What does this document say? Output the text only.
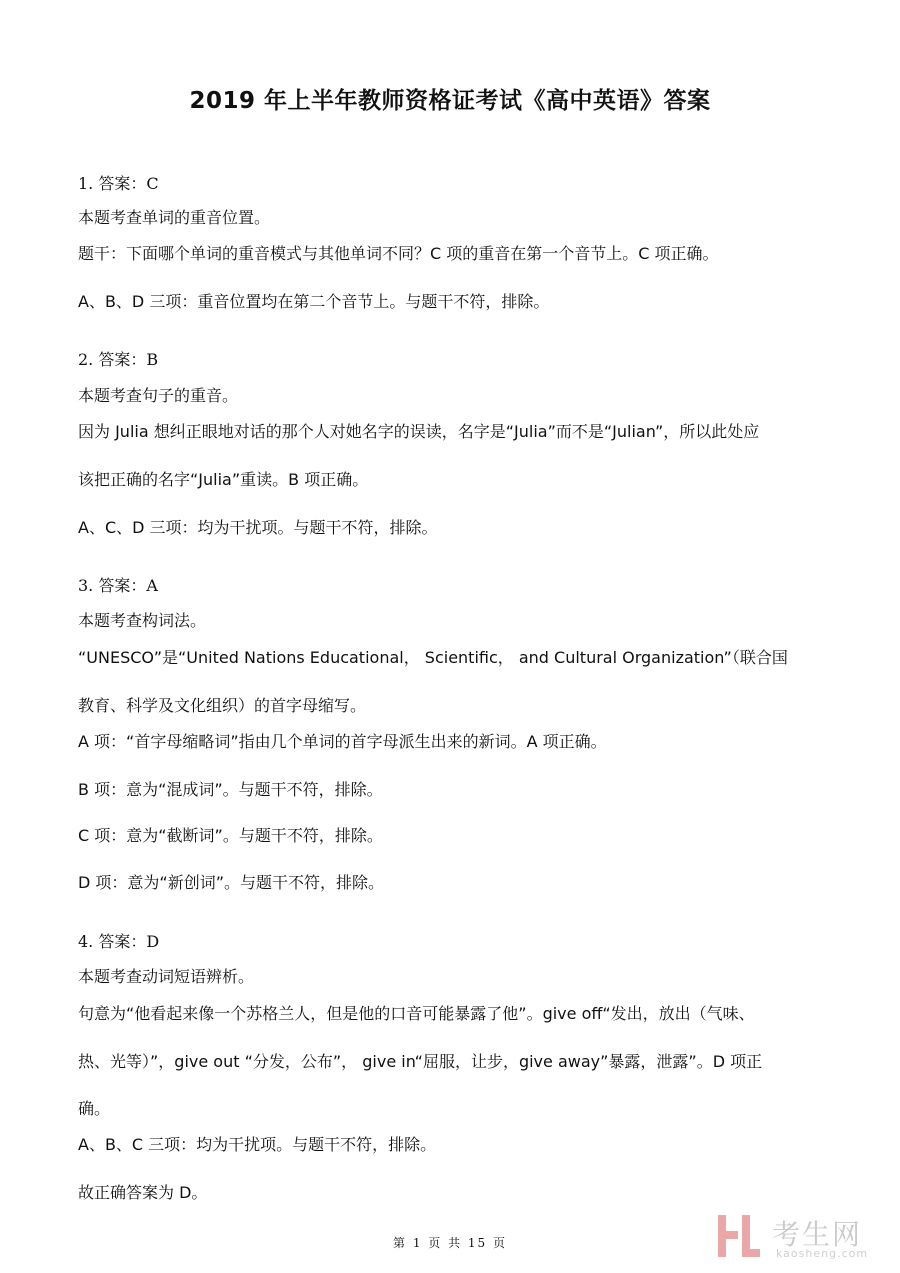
2019 年上半年教师资格证考试《高中英语》答案
1. 答案：C
本题考查单词的重音位置。
题干：下面哪个单词的重音模式与其他单词不同？C 项的重音在第一个音节上。C 项正确。
A、B、D 三项：重音位置均在第二个音节上。与题干不符，排除。
2. 答案：B
本题考查句子的重音。
因为 Julia 想纠正眼地对话的那个人对她名字的误读，名字是“Julia”而不是“Julian”，所以此处应
该把正确的名字“Julia”重读。B 项正确。
A、C、D 三项：均为干扰项。与题干不符，排除。
3. 答案：A
本题考查构词法。
“UNESCO”是“United Nations Educational， Scientific， and Cultural Organization”（联合国
教育、科学及文化组织）的首字母缩写。
A 项：“首字母缩略词”指由几个单词的首字母派生出来的新词。A 项正确。
B 项：意为“混成词”。与题干不符，排除。
C 项：意为“截断词”。与题干不符，排除。
D 项：意为“新创词”。与题干不符，排除。
4. 答案：D
本题考查动词短语辨析。
句意为“他看起来像一个苏格兰人，但是他的口音可能暴露了他”。give off“发出，放出（气味、
热、光等）”，give out “分发，公布”， give in“屈服，让步，give away”暴露，泄露”。D 项正
确。
A、B、C 三项：均为干扰项。与题干不符，排除。
故正确答案为 D。
第 1 页 共 15 页	考生网
kaosheng.com
